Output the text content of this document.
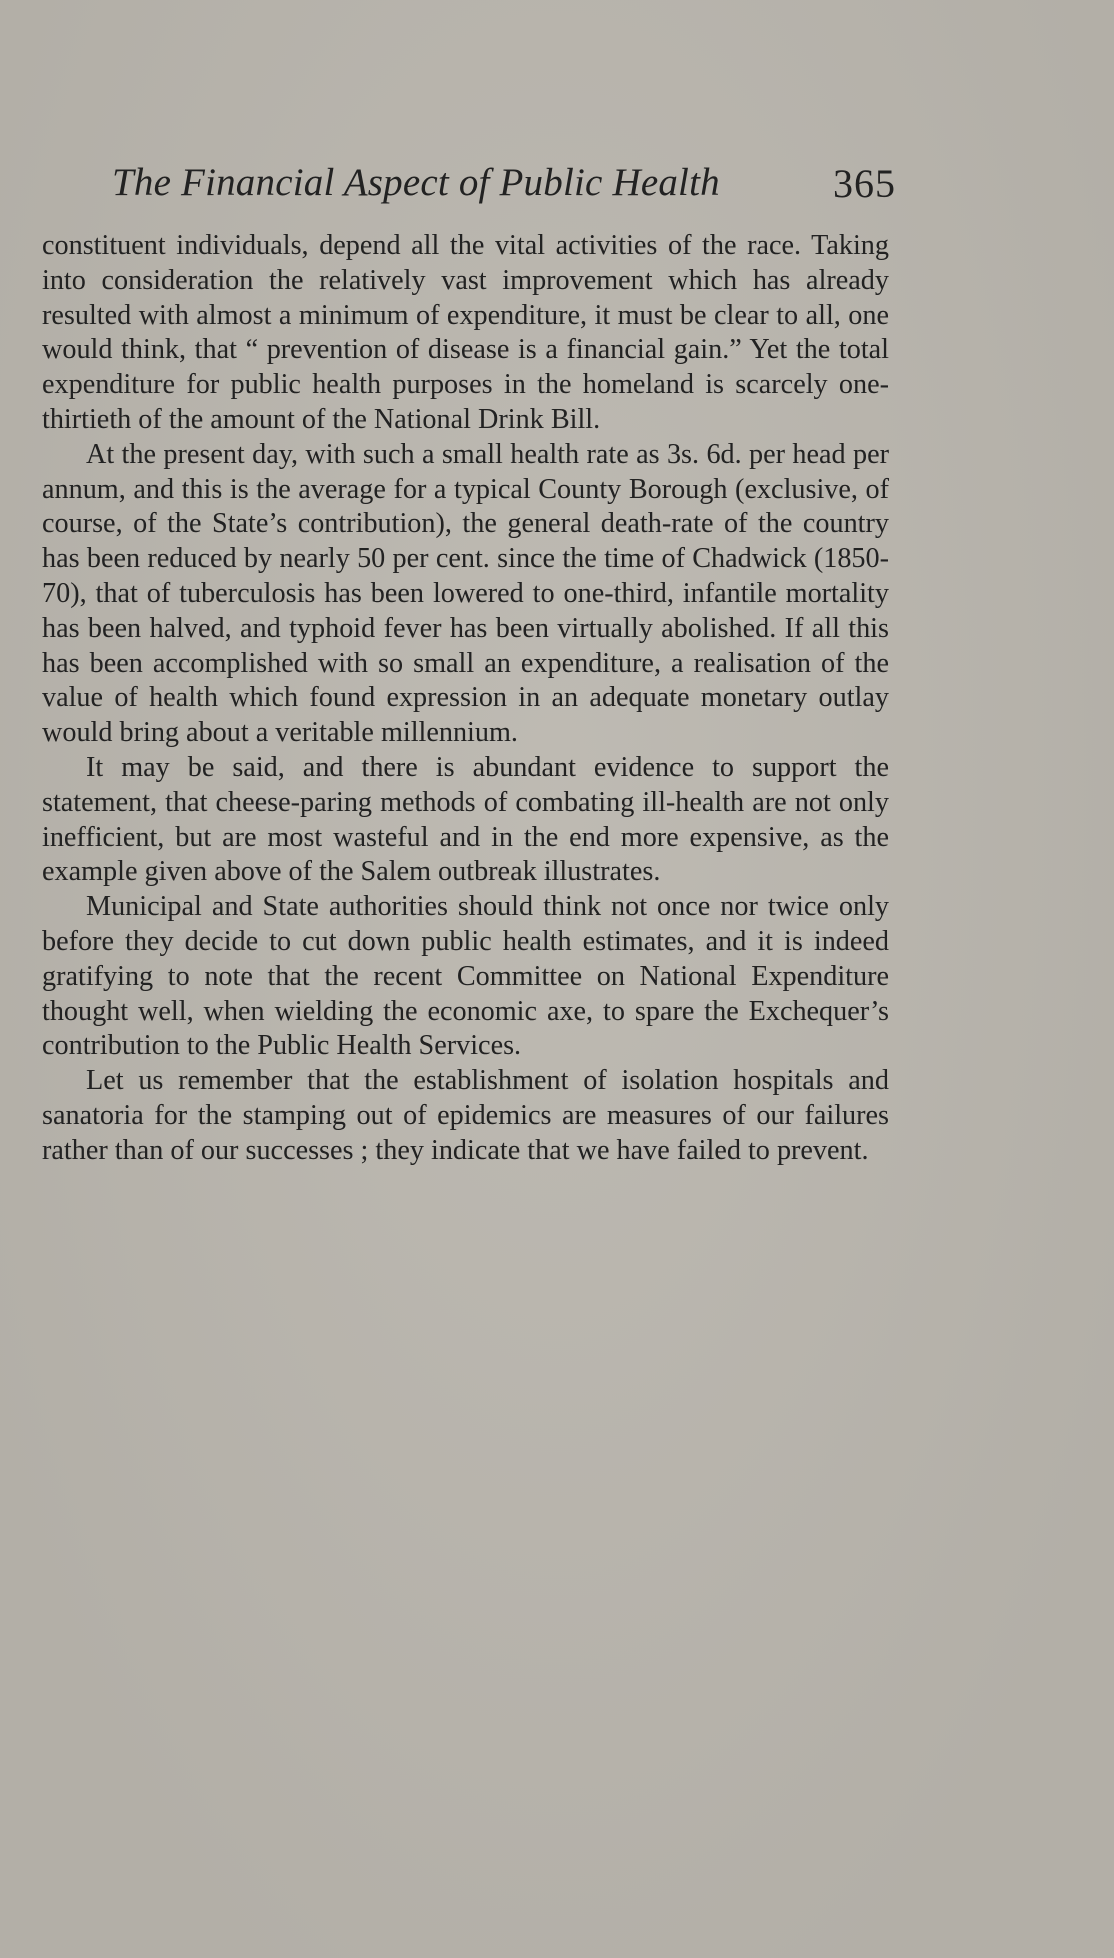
The Financial Aspect of Public Health	365

constituent individuals, depend all the vital activities of the race. Taking into consideration the relatively vast improvement which has already resulted with almost a minimum of expenditure, it must be clear to all, one would think, that “ prevention of disease is a financial gain.” Yet the total expenditure for public health purposes in the homeland is scarcely one-thirtieth of the amount of the National Drink Bill.

At the present day, with such a small health rate as 3s. 6d. per head per annum, and this is the average for a typical County Borough (exclusive, of course, of the State’s contribution), the general death-rate of the country has been reduced by nearly 50 per cent. since the time of Chadwick (1850-70), that of tuberculosis has been lowered to one-third, infantile mortality has been halved, and typhoid fever has been virtually abolished. If all this has been accomplished with so small an expenditure, a realisation of the value of health which found expression in an adequate monetary outlay would bring about a veritable millennium.

It may be said, and there is abundant evidence to support the statement, that cheese-paring methods of combating ill-health are not only inefficient, but are most wasteful and in the end more expensive, as the example given above of the Salem outbreak illustrates.

Municipal and State authorities should think not once nor twice only before they decide to cut down public health estimates, and it is indeed gratifying to note that the recent Committee on National Expenditure thought well, when wielding the economic axe, to spare the Exchequer’s contribution to the Public Health Services.

Let us remember that the establishment of isolation hospitals and sanatoria for the stamping out of epidemics are measures of our failures rather than of our successes ; they indicate that we have failed to prevent.
